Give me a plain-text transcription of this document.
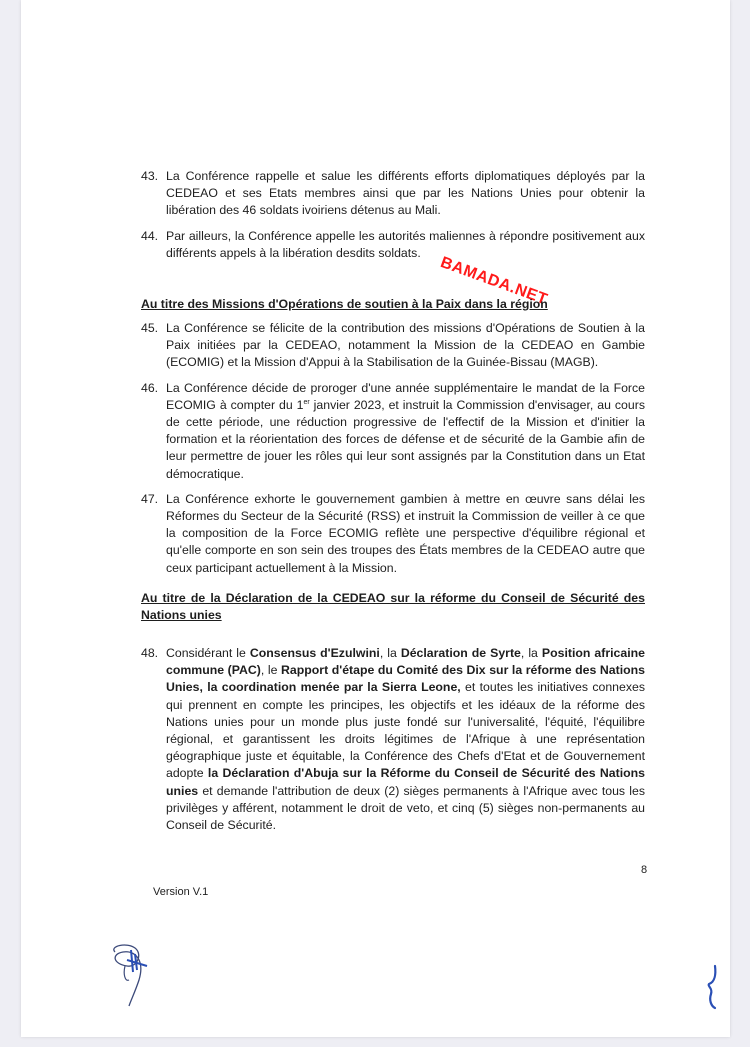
43. La Conférence rappelle et salue les différents efforts diplomatiques déployés par la CEDEAO et ses Etats membres ainsi que par les Nations Unies pour obtenir la libération des 46 soldats ivoiriens détenus au Mali.
44. Par ailleurs, la Conférence appelle les autorités maliennes à répondre positivement aux différents appels à la libération desdits soldats.
BAMADA.NET
Au titre des Missions d'Opérations de soutien à la Paix dans la région
45. La Conférence se félicite de la contribution des missions d'Opérations de Soutien à la Paix initiées par la CEDEAO, notamment la Mission de la CEDEAO en Gambie (ECOMIG) et la Mission d'Appui à la Stabilisation de la Guinée-Bissau (MAGB).
46. La Conférence décide de proroger d'une année supplémentaire le mandat de la Force ECOMIG à compter du 1er janvier 2023, et instruit la Commission d'envisager, au cours de cette période, une réduction progressive de l'effectif de la Mission et d'initier la formation et la réorientation des forces de défense et de sécurité de la Gambie afin de leur permettre de jouer les rôles qui leur sont assignés par la Constitution dans un Etat démocratique.
47. La Conférence exhorte le gouvernement gambien à mettre en œuvre sans délai les Réformes du Secteur de la Sécurité (RSS) et instruit la Commission de veiller à ce que la composition de la Force ECOMIG reflète une perspective d'équilibre régional et qu'elle comporte en son sein des troupes des États membres de la CEDEAO autre que ceux participant actuellement à la Mission.
Au titre de la Déclaration de la CEDEAO sur la réforme du Conseil de Sécurité des Nations unies
48. Considérant le Consensus d'Ezulwini, la Déclaration de Syrte, la Position africaine commune (PAC), le Rapport d'étape du Comité des Dix sur la réforme des Nations Unies, la coordination menée par la Sierra Leone, et toutes les initiatives connexes qui prennent en compte les principes, les objectifs et les idéaux de la réforme des Nations unies pour un monde plus juste fondé sur l'universalité, l'équité, l'équilibre régional, et garantissent les droits légitimes de l'Afrique à une représentation géographique juste et équitable, la Conférence des Chefs d'Etat et de Gouvernement adopte la Déclaration d'Abuja sur la Réforme du Conseil de Sécurité des Nations unies et demande l'attribution de deux (2) sièges permanents à l'Afrique avec tous les privilèges y afférent, notamment le droit de veto, et cinq (5) sièges non-permanents au Conseil de Sécurité.
8
Version V.1
